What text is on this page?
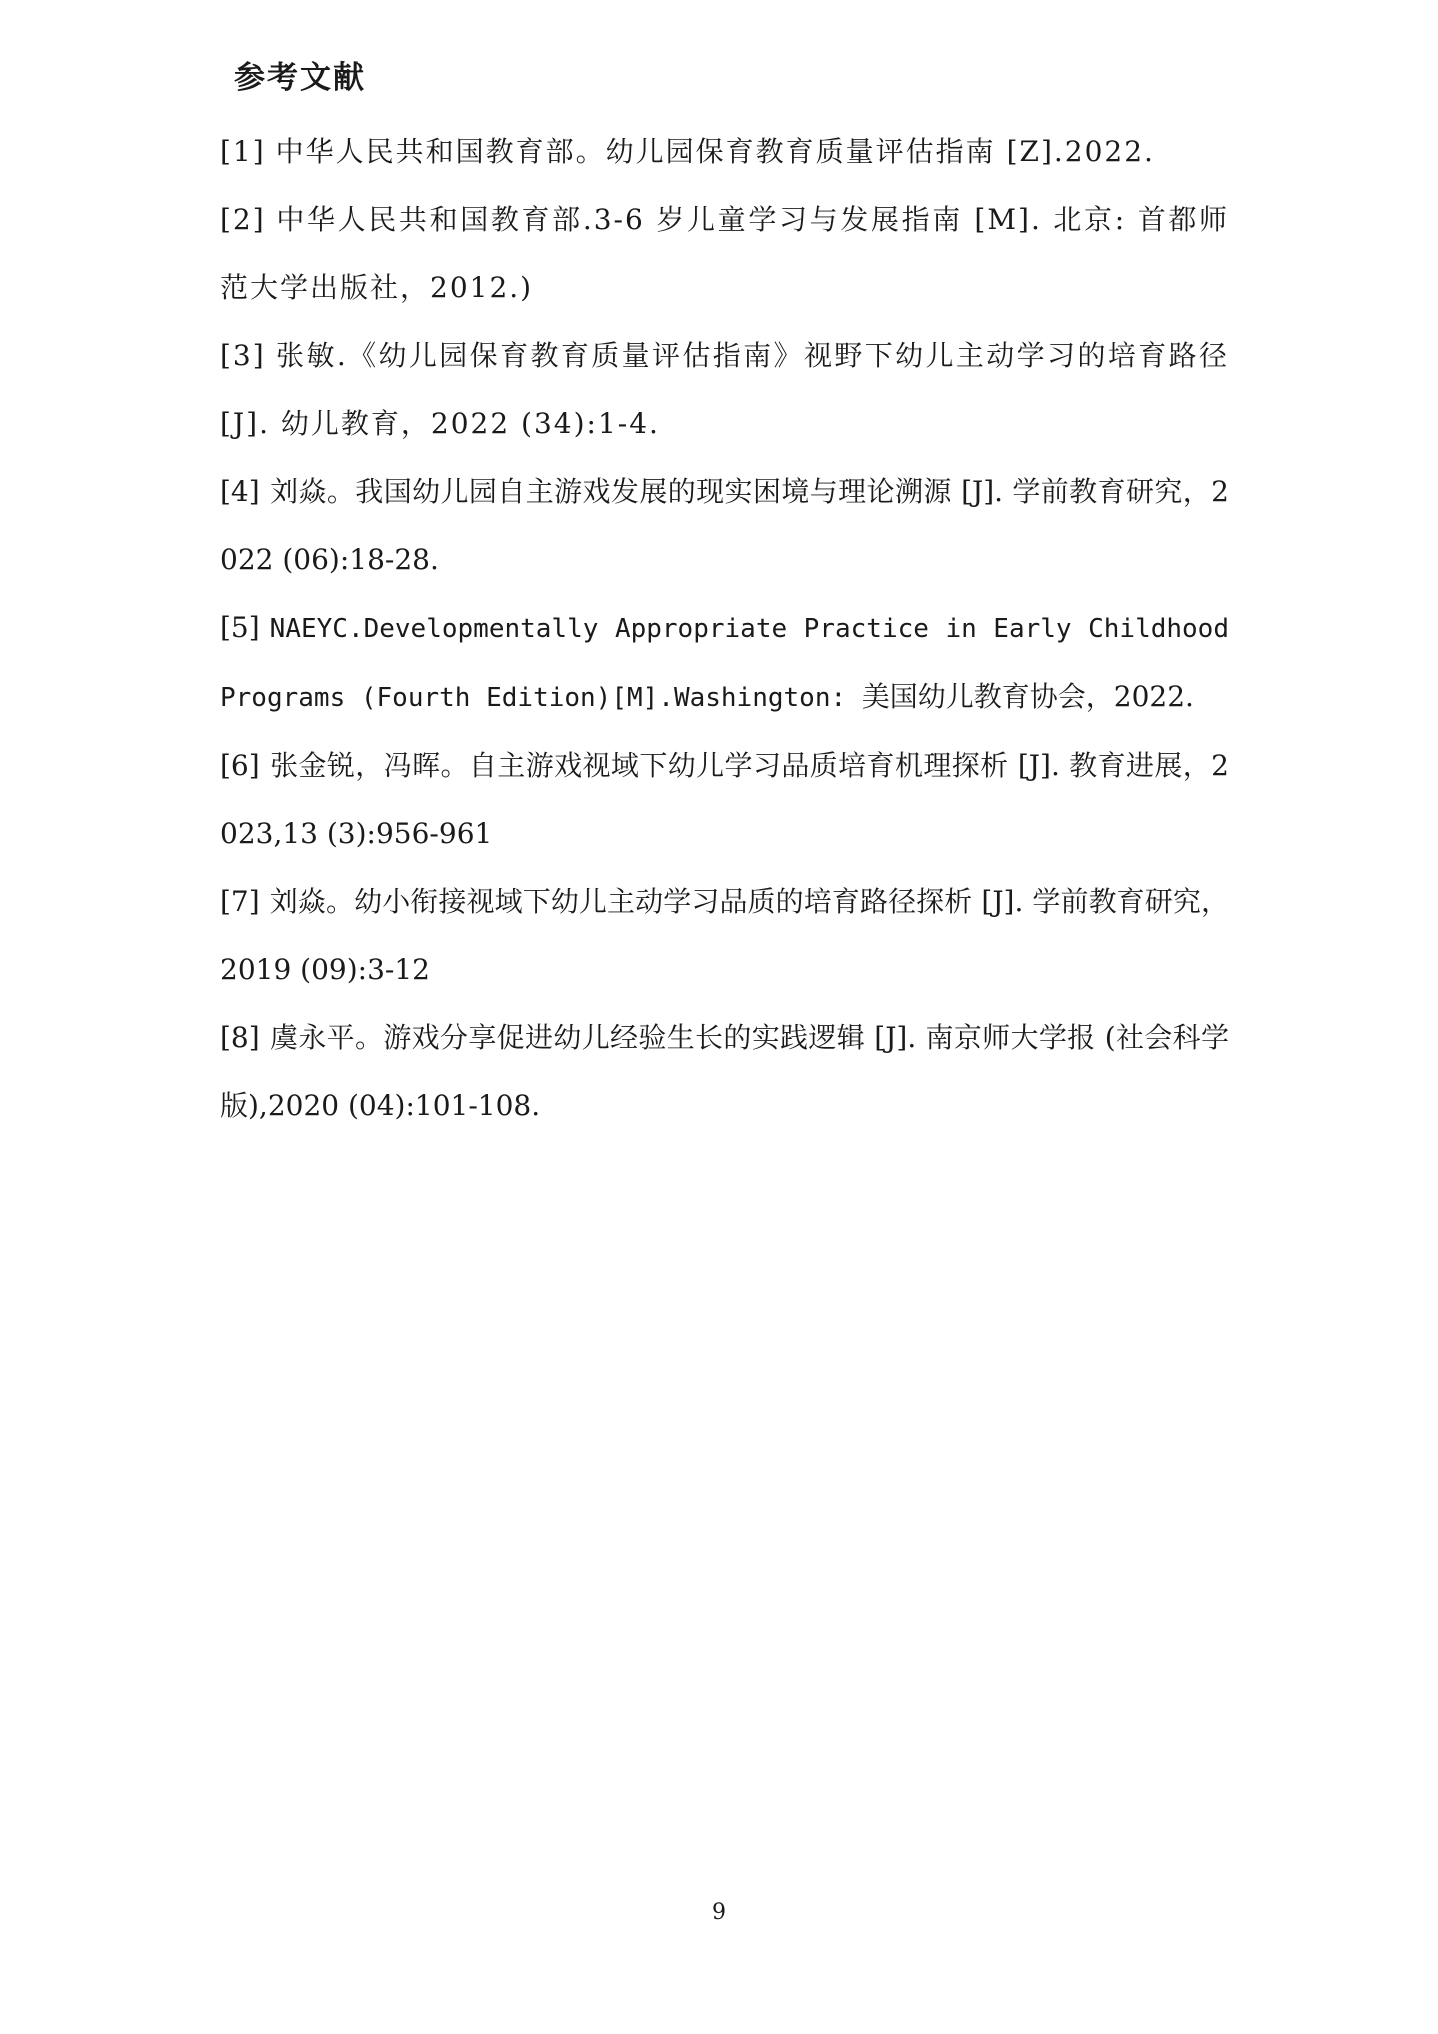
参考文献
[1] 中华人民共和国教育部。幼儿园保育教育质量评估指南 [Z].2022.
[2] 中华人民共和国教育部.3-6 岁儿童学习与发展指南 [M]. 北京: 首都师范大学出版社，2012.)
[3] 张敏.《幼儿园保育教育质量评估指南》视野下幼儿主动学习的培育路径 [J]. 幼儿教育，2022 (34):1-4.
[4] 刘焱。我国幼儿园自主游戏发展的现实困境与理论溯源 [J]. 学前教育研究，2022 (06):18-28.
[5] NAEYC.Developmentally Appropriate Practice in Early Childhood Programs (Fourth Edition)[M].Washington: 美国幼儿教育协会，2022.
[6] 张金锐，冯晖。自主游戏视域下幼儿学习品质培育机理探析 [J]. 教育进展，2023,13 (3):956-961
[7] 刘焱。幼小衔接视域下幼儿主动学习品质的培育路径探析 [J]. 学前教育研究，2019 (09):3-12
[8] 虞永平。游戏分享促进幼儿经验生长的实践逻辑 [J]. 南京师大学报 (社会科学版),2020 (04):101-108.
9
